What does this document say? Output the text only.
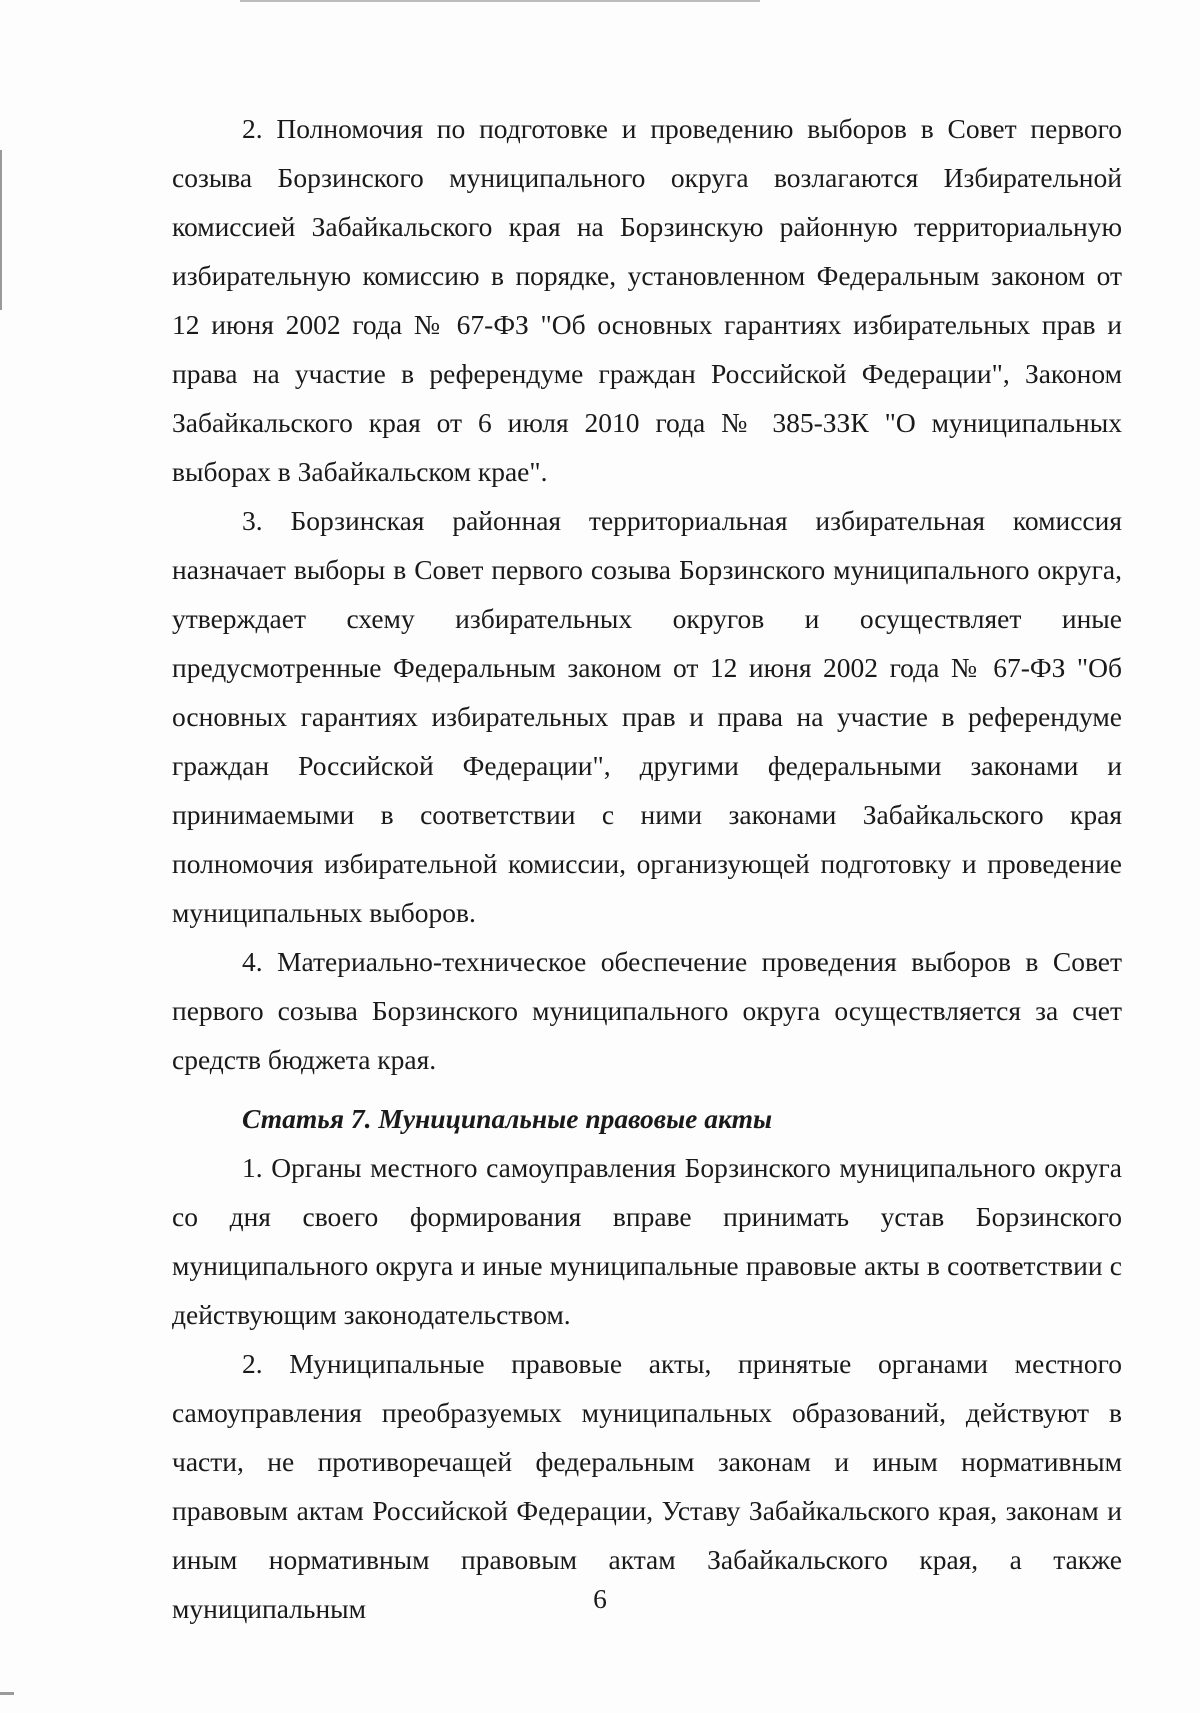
2. Полномочия по подготовке и проведению выборов в Совет первого созыва Борзинского муниципального округа возлагаются Избирательной комиссией Забайкальского края на Борзинскую районную территориальную избирательную комиссию в порядке, установленном Федеральным законом от 12 июня 2002 года № 67-ФЗ "Об основных гарантиях избирательных прав и права на участие в референдуме граждан Российской Федерации", Законом Забайкальского края от 6 июля 2010 года № 385-ЗЗК "О муниципальных выборах в Забайкальском крае".

3. Борзинская районная территориальная избирательная комиссия назначает выборы в Совет первого созыва Борзинского муниципального округа, утверждает схему избирательных округов и осуществляет иные предусмотренные Федеральным законом от 12 июня 2002 года № 67-ФЗ "Об основных гарантиях избирательных прав и права на участие в референдуме граждан Российской Федерации", другими федеральными законами и принимаемыми в соответствии с ними законами Забайкальского края полномочия избирательной комиссии, организующей подготовку и проведение муниципальных выборов.

4. Материально-техническое обеспечение проведения выборов в Совет первого созыва Борзинского муниципального округа осуществляется за счет средств бюджета края.

Статья 7. Муниципальные правовые акты

1. Органы местного самоуправления Борзинского муниципального округа со дня своего формирования вправе принимать устав Борзинского муниципального округа и иные муниципальные правовые акты в соответствии с действующим законодательством.

2. Муниципальные правовые акты, принятые органами местного самоуправления преобразуемых муниципальных образований, действуют в части, не противоречащей федеральным законам и иным нормативным правовым актам Российской Федерации, Уставу Забайкальского края, законам и иным нормативным правовым актам Забайкальского края, а также муниципальным	6
